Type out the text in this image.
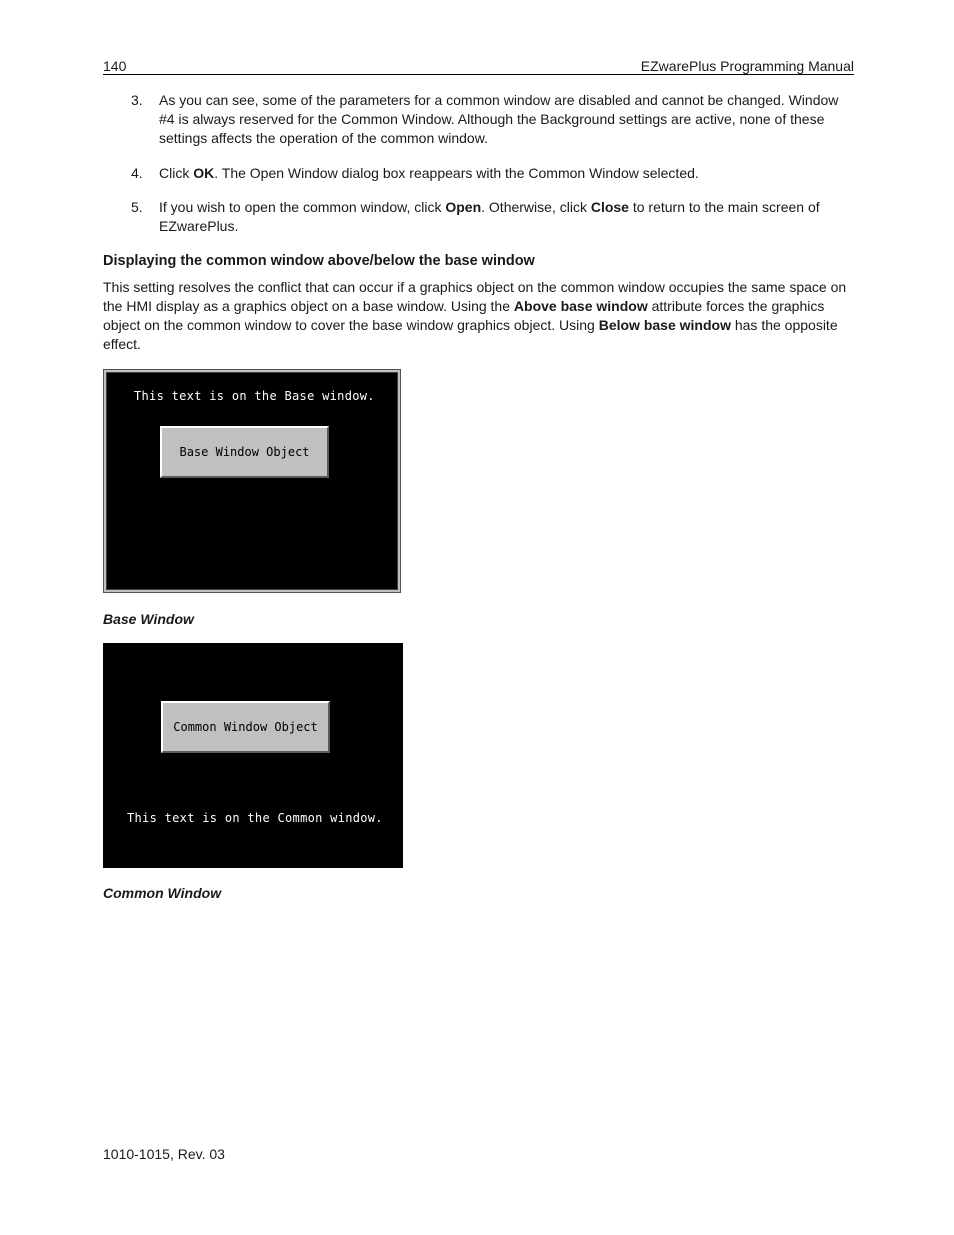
140	EZwarePlus Programming Manual
3. As you can see, some of the parameters for a common window are disabled and cannot be changed. Window #4 is always reserved for the Common Window. Although the Background settings are active, none of these settings affects the operation of the common window.
4. Click OK. The Open Window dialog box reappears with the Common Window selected.
5. If you wish to open the common window, click Open. Otherwise, click Close to return to the main screen of EZwarePlus.
Displaying the common window above/below the base window
This setting resolves the conflict that can occur if a graphics object on the common window occupies the same space on the HMI display as a graphics object on a base window. Using the Above base window attribute forces the graphics object on the common window to cover the base window graphics object. Using Below base window has the opposite effect.
This text is on the Base window.
Base Window Object
Base Window
Common Window Object
This text is on the Common window.
Common Window
1010-1015, Rev. 03
